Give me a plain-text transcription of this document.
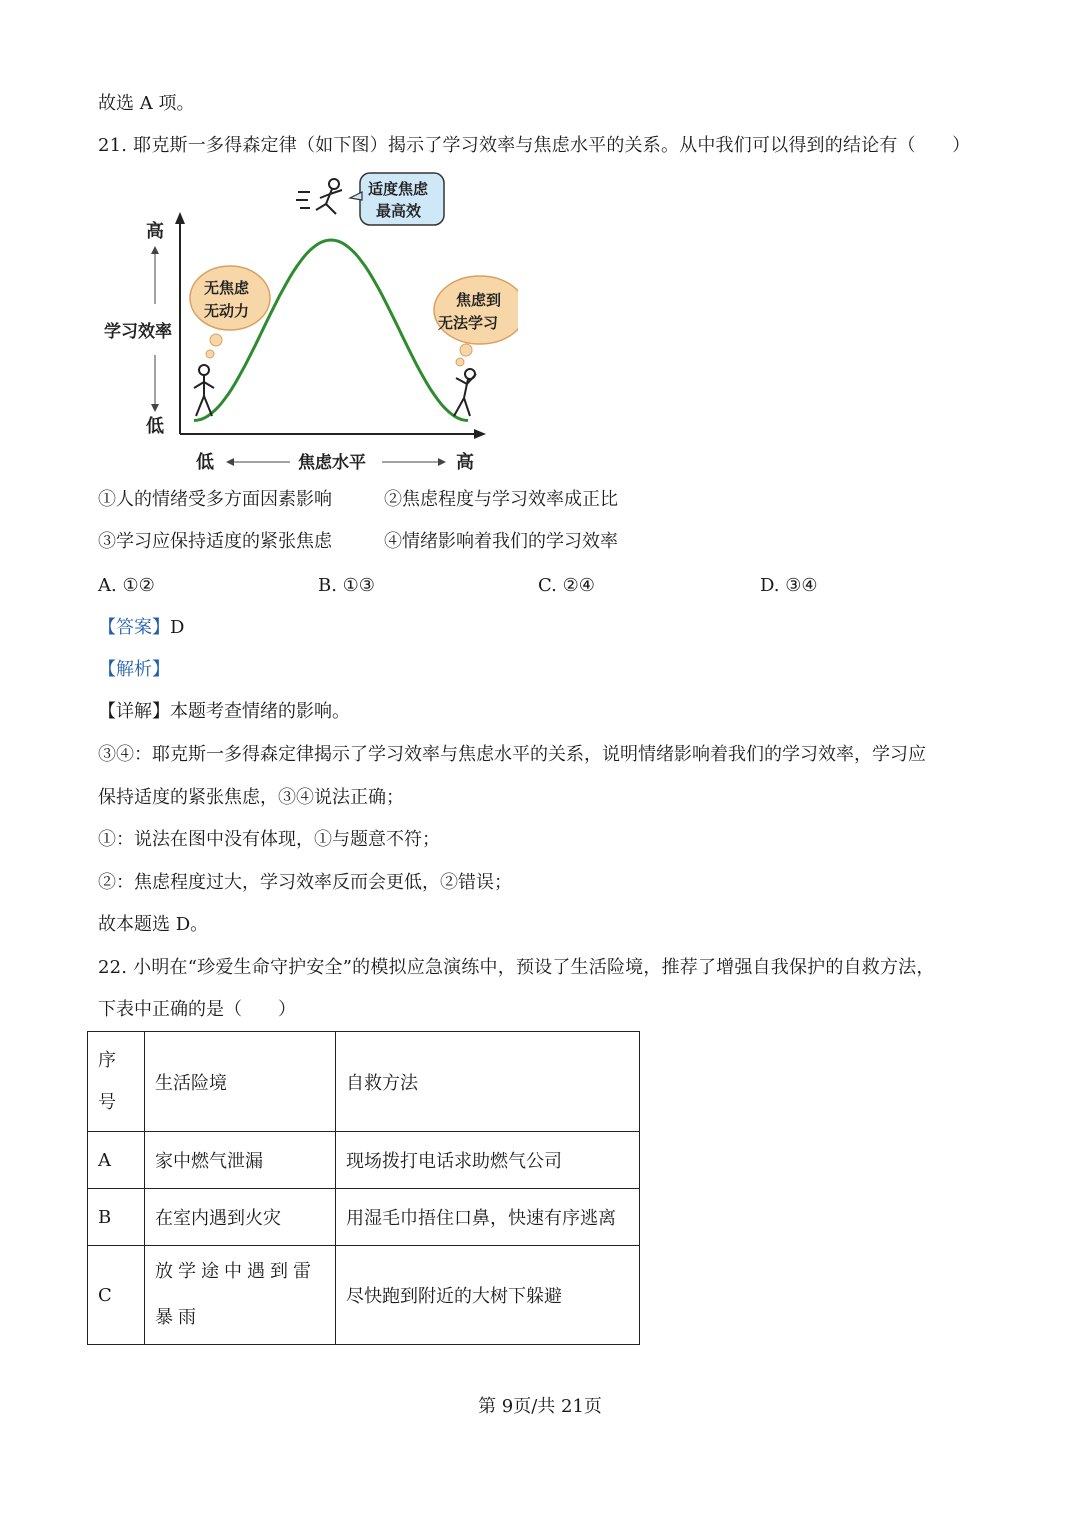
故选 A 项。
21. 耶克斯一多得森定律（如下图）揭示了学习效率与焦虑水平的关系。从中我们可以得到的结论有（　　）
高
学习效率
低
低	焦虑水平	高
适度焦虑
最高效
无焦虑
无动力
焦虑到
无法学习
①人的情绪受多方面因素影响	②焦虑程度与学习效率成正比
③学习应保持适度的紧张焦虑	④情绪影响着我们的学习效率
A. ①②	B. ①③	C. ②④	D. ③④
【答案】D
【解析】
【详解】本题考查情绪的影响。
③④：耶克斯一多得森定律揭示了学习效率与焦虑水平的关系，说明情绪影响着我们的学习效率，学习应
保持适度的紧张焦虑，③④说法正确；
①：说法在图中没有体现，①与题意不符；
②：焦虑程度过大，学习效率反而会更低，②错误；
故本题选 D。
22. 小明在“珍爱生命守护安全”的模拟应急演练中，预设了生活险境，推荐了增强自我保护的自救方法，
下表中正确的是（　　）
序
号	生活险境	自救方法
A	家中燃气泄漏	现场拨打电话求助燃气公司
B	在室内遇到火灾	用湿毛巾捂住口鼻，快速有序逃离
C	放学途中遇到雷暴雨	尽快跑到附近的大树下躲避
第 9页/共 21页
